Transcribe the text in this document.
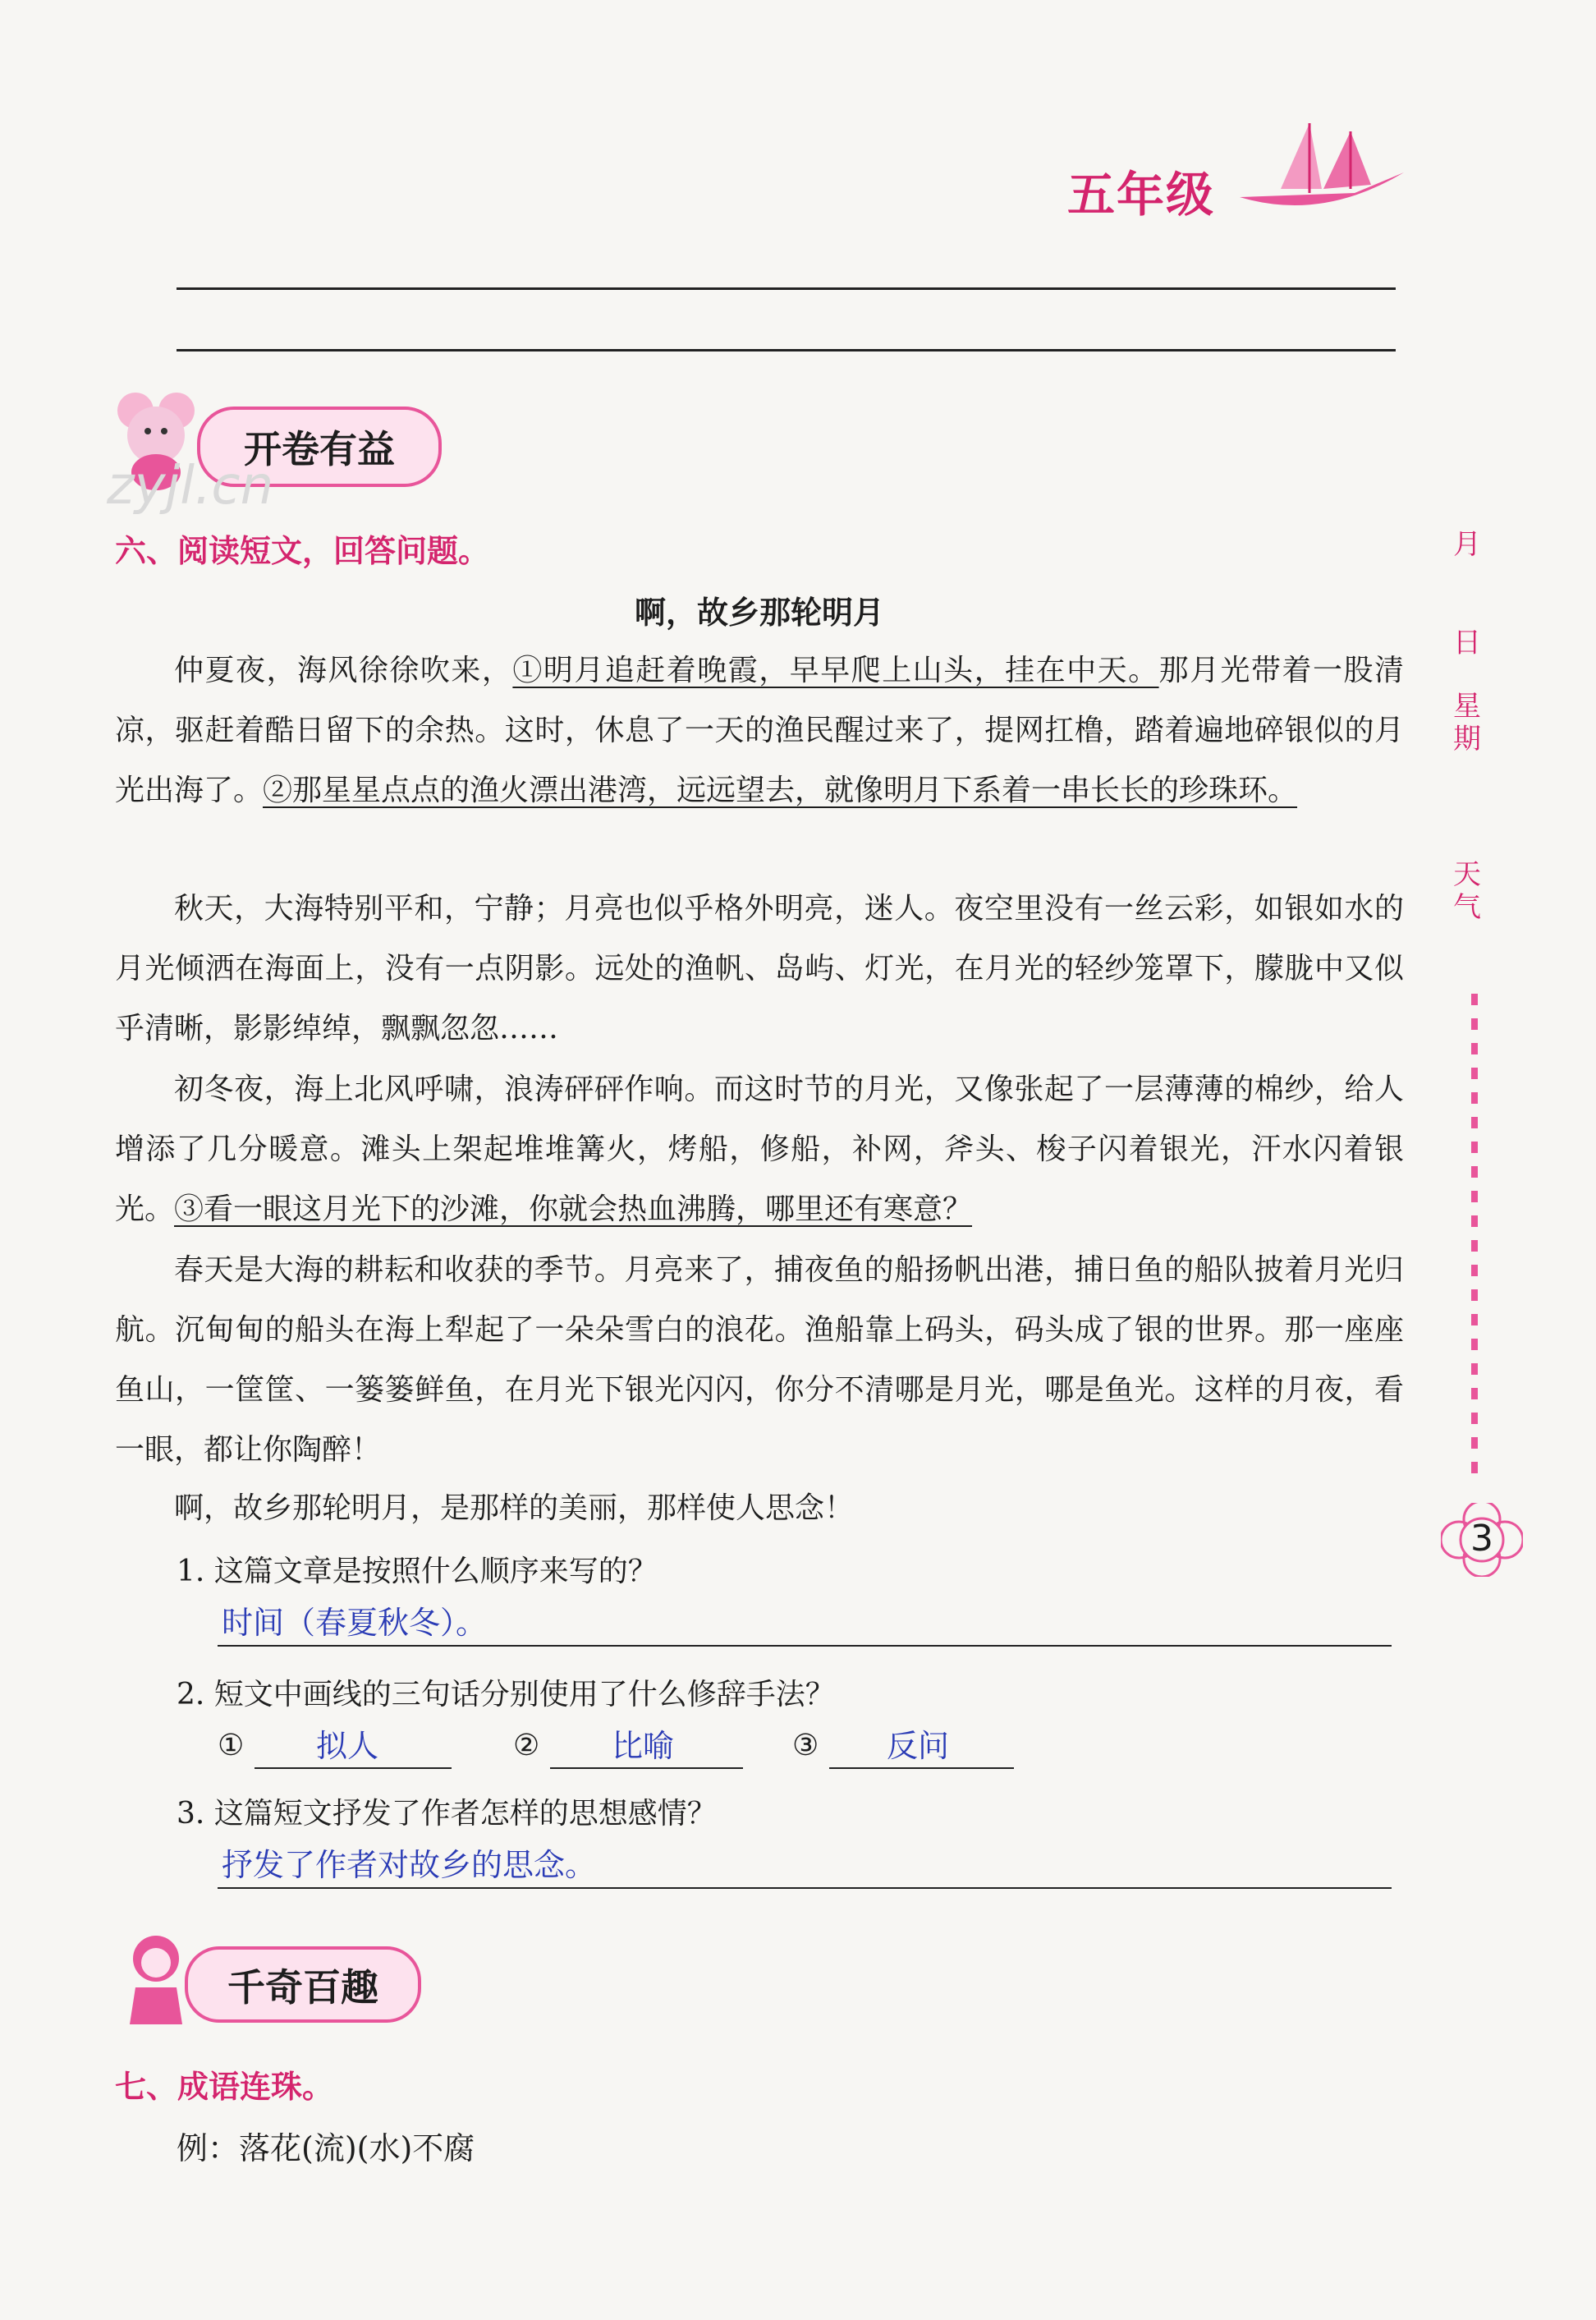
五年级
开卷有益
zyjl.cn
六、阅读短文，回答问题。
啊，故乡那轮明月
仲夏夜，海风徐徐吹来，①明月追赶着晚霞，早早爬上山头，挂在中天。那月光带着一股清凉，驱赶着酷日留下的余热。这时，休息了一天的渔民醒过来了，提网扛橹，踏着遍地碎银似的月光出海了。②那星星点点的渔火漂出港湾，远远望去，就像明月下系着一串长长的珍珠环。
秋天，大海特别平和，宁静；月亮也似乎格外明亮，迷人。夜空里没有一丝云彩，如银如水的月光倾洒在海面上，没有一点阴影。远处的渔帆、岛屿、灯光，在月光的轻纱笼罩下，朦胧中又似乎清晰，影影绰绰，飘飘忽忽……
初冬夜，海上北风呼啸，浪涛砰砰作响。而这时节的月光，又像张起了一层薄薄的棉纱，给人增添了几分暖意。滩头上架起堆堆篝火，烤船，修船，补网，斧头、梭子闪着银光，汗水闪着银光。③看一眼这月光下的沙滩，你就会热血沸腾，哪里还有寒意？
春天是大海的耕耘和收获的季节。月亮来了，捕夜鱼的船扬帆出港，捕日鱼的船队披着月光归航。沉甸甸的船头在海上犁起了一朵朵雪白的浪花。渔船靠上码头，码头成了银的世界。那一座座鱼山，一筐筐、一篓篓鲜鱼，在月光下银光闪闪，你分不清哪是月光，哪是鱼光。这样的月夜，看一眼，都让你陶醉！
啊，故乡那轮明月，是那样的美丽，那样使人思念！
1. 这篇文章是按照什么顺序来写的？
时间（春夏秋冬）。
2. 短文中画线的三句话分别使用了什么修辞手法？
① 拟人	② 比喻	③ 反问
3. 这篇短文抒发了作者怎样的思想感情？
抒发了作者对故乡的思念。
千奇百趣
七、成语连珠。
例：落花(流)(水)不腐
月
日
星期
天气
3
